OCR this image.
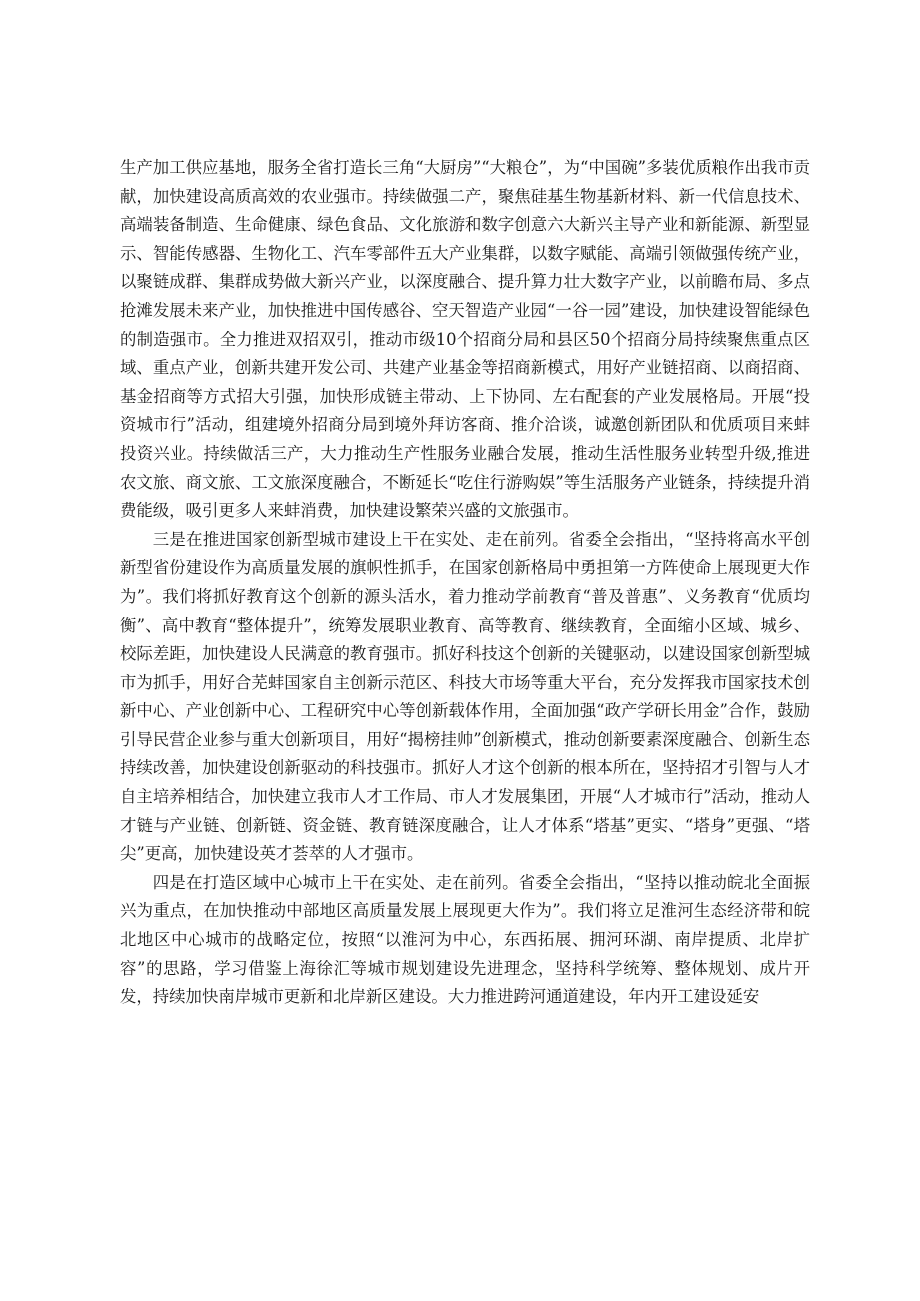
生产加工供应基地，服务全省打造长三角“大厨房”“大粮仓”，为“中国碗”多装优质粮作出我市贡献，加快建设高质高效的农业强市。持续做强二产，聚焦硅基生物基新材料、新一代信息技术、高端装备制造、生命健康、绿色食品、文化旅游和数字创意六大新兴主导产业和新能源、新型显示、智能传感器、生物化工、汽车零部件五大产业集群，以数字赋能、高端引领做强传统产业，以聚链成群、集群成势做大新兴产业，以深度融合、提升算力壮大数字产业，以前瞻布局、多点抢滩发展未来产业，加快推进中国传感谷、空天智造产业园“一谷一园”建设，加快建设智能绿色的制造强市。全力推进双招双引，推动市级10个招商分局和县区50个招商分局持续聚焦重点区域、重点产业，创新共建开发公司、共建产业基金等招商新模式，用好产业链招商、以商招商、基金招商等方式招大引强，加快形成链主带动、上下协同、左右配套的产业发展格局。开展“投资城市行”活动，组建境外招商分局到境外拜访客商、推介洽谈，诚邀创新团队和优质项目来蚌投资兴业。持续做活三产，大力推动生产性服务业融合发展，推动生活性服务业转型升级,推进农文旅、商文旅、工文旅深度融合，不断延长“吃住行游购娱”等生活服务产业链条，持续提升消费能级，吸引更多人来蚌消费，加快建设繁荣兴盛的文旅强市。

三是在推进国家创新型城市建设上干在实处、走在前列。省委全会指出，“坚持将高水平创新型省份建设作为高质量发展的旗帜性抓手，在国家创新格局中勇担第一方阵使命上展现更大作为”。我们将抓好教育这个创新的源头活水，着力推动学前教育“普及普惠”、义务教育“优质均衡”、高中教育“整体提升”，统筹发展职业教育、高等教育、继续教育，全面缩小区域、城乡、校际差距，加快建设人民满意的教育强市。抓好科技这个创新的关键驱动，以建设国家创新型城市为抓手，用好合芜蚌国家自主创新示范区、科技大市场等重大平台，充分发挥我市国家技术创新中心、产业创新中心、工程研究中心等创新载体作用，全面加强“政产学研长用金”合作，鼓励引导民营企业参与重大创新项目，用好“揭榜挂帅”创新模式，推动创新要素深度融合、创新生态持续改善，加快建设创新驱动的科技强市。抓好人才这个创新的根本所在，坚持招才引智与人才自主培养相结合，加快建立我市人才工作局、市人才发展集团，开展“人才城市行”活动，推动人才链与产业链、创新链、资金链、教育链深度融合，让人才体系“塔基”更实、“塔身”更强、“塔尖”更高，加快建设英才荟萃的人才强市。

四是在打造区域中心城市上干在实处、走在前列。省委全会指出，“坚持以推动皖北全面振兴为重点，在加快推动中部地区高质量发展上展现更大作为”。我们将立足淮河生态经济带和皖北地区中心城市的战略定位，按照“以淮河为中心，东西拓展、拥河环湖、南岸提质、北岸扩容”的思路，学习借鉴上海徐汇等城市规划建设先进理念，坚持科学统筹、整体规划、成片开发，持续加快南岸城市更新和北岸新区建设。大力推进跨河通道建设，年内开工建设延安
